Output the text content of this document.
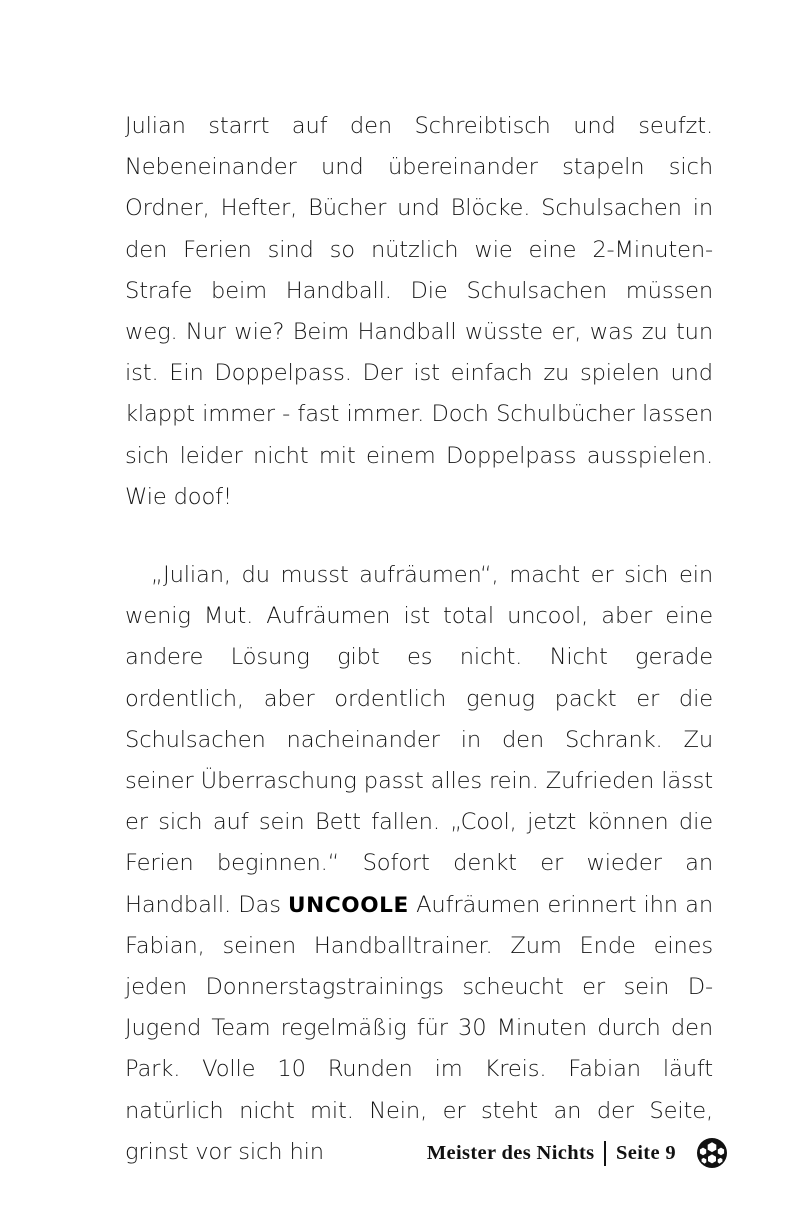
Julian starrt auf den Schreibtisch und seufzt. Nebeneinander und übereinander stapeln sich Ordner, Hefter, Bücher und Blöcke. Schulsachen in den Ferien sind so nützlich wie eine 2-Minuten-Strafe beim Handball. Die Schulsachen müssen weg. Nur wie? Beim Handball wüsste er, was zu tun ist. Ein Doppelpass. Der ist einfach zu spielen und klappt immer - fast immer. Doch Schulbücher lassen sich leider nicht mit einem Doppelpass ausspielen. Wie doof!

„Julian, du musst aufräumen“, macht er sich ein wenig Mut. Aufräumen ist total uncool, aber eine andere Lösung gibt es nicht. Nicht gerade ordentlich, aber ordentlich genug packt er die Schulsachen nacheinander in den Schrank. Zu seiner Überraschung passt alles rein. Zufrieden lässt er sich auf sein Bett fallen. „Cool, jetzt können die Ferien beginnen.“ Sofort denkt er wieder an Handball. Das UNCOOLE Aufräumen erinnert ihn an Fabian, seinen Handballtrainer. Zum Ende eines jeden Donnerstagstrainings scheucht er sein D-Jugend Team regelmäßig für 30 Minuten durch den Park. Volle 10 Runden im Kreis. Fabian läuft natürlich nicht mit. Nein, er steht an der Seite, grinst vor sich hin	Meister des Nichts Seite 9
